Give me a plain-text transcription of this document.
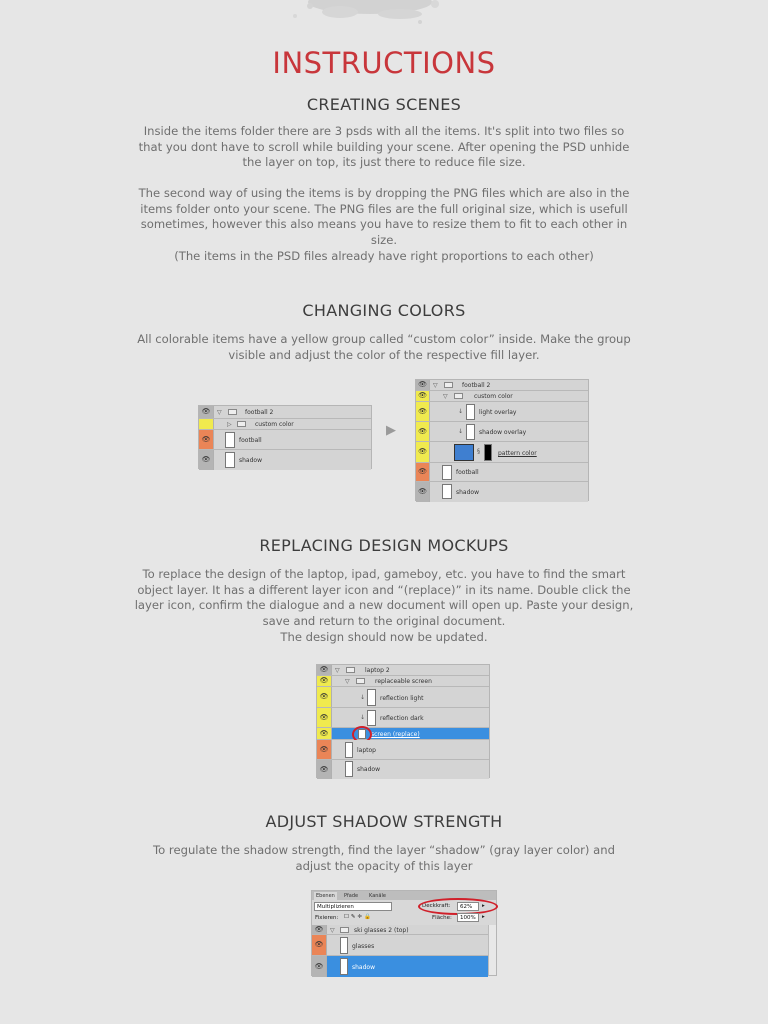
INSTRUCTIONS
CREATING SCENES

Inside the items folder there are 3 psds with all the items. It's split into two files so that you dont have to scroll while building your scene. After opening the PSD unhide the layer on top, its just there to reduce file size.

The second way of using the items is by dropping the PNG files which are also in the items folder onto your scene. The PNG files are the full original size, which is usefull sometimes, however this also means you have to resize them to fit to each other in size.

(The items in the PSD files already have right proportions to each other)

CHANGING COLORS

All colorable items have a yellow group called “custom color” inside. Make the group visible and adjust the color of the respective fill layer.

👁 ▽	football 2
▷	custom color
👁	football
👁	shadow
▶
👁 ▽	football 2
👁	▽	custom color
👁	↓	light overlay
👁	↓	shadow overlay
👁	§	pattern color
👁	football
👁	shadow
REPLACING DESIGN MOCKUPS

To replace the design of the laptop, ipad, gameboy, etc. you have to find the smart object layer. It has a different layer icon and “(replace)” in its name. Double click the layer icon, confirm the dialogue and a new document will open up. Paste your design, save and return to the original document.

The design should now be updated.

👁 ▽	laptop 2
👁	▽	replaceable screen
👁	↓ reflection light
👁	↓ reflection dark
👁	screen (replace)
👁	laptop
👁	shadow
ADJUST SHADOW STRENGTH

To regulate the shadow strength, find the layer “shadow” (gray layer color) and adjust the opacity of this layer

Ebenen	Pfade	Kanäle
Multiplizieren	Deckkraft:	62%	▸
Fixieren: ☐✎✛🔒	Fläche:	100%	▸
👁 ▽	ski glasses 2 (top)
👁	glasses
👁	shadow
